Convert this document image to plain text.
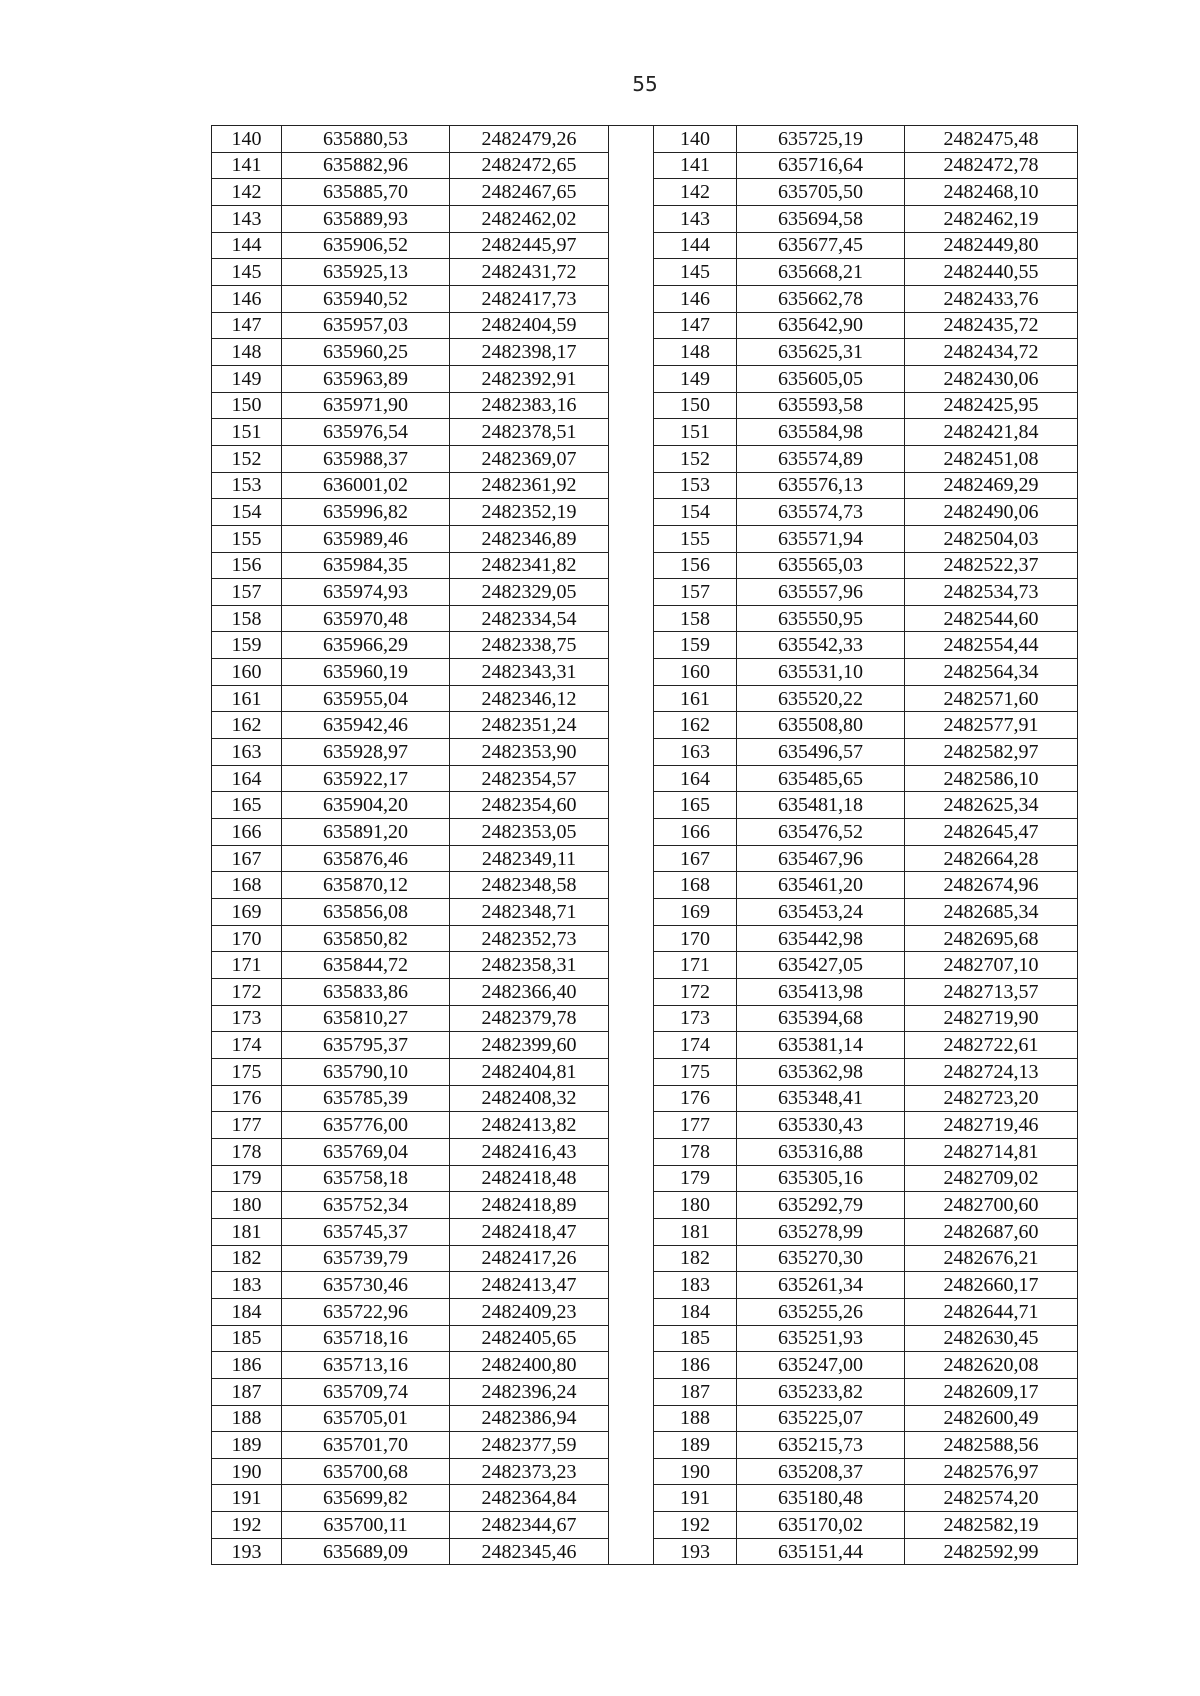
55
140	635880,53	2482479,26		140	635725,19	2482475,48
141	635882,96	2482472,65		141	635716,64	2482472,78
142	635885,70	2482467,65		142	635705,50	2482468,10
143	635889,93	2482462,02		143	635694,58	2482462,19
144	635906,52	2482445,97		144	635677,45	2482449,80
145	635925,13	2482431,72		145	635668,21	2482440,55
146	635940,52	2482417,73		146	635662,78	2482433,76
147	635957,03	2482404,59		147	635642,90	2482435,72
148	635960,25	2482398,17		148	635625,31	2482434,72
149	635963,89	2482392,91		149	635605,05	2482430,06
150	635971,90	2482383,16		150	635593,58	2482425,95
151	635976,54	2482378,51		151	635584,98	2482421,84
152	635988,37	2482369,07		152	635574,89	2482451,08
153	636001,02	2482361,92		153	635576,13	2482469,29
154	635996,82	2482352,19		154	635574,73	2482490,06
155	635989,46	2482346,89		155	635571,94	2482504,03
156	635984,35	2482341,82		156	635565,03	2482522,37
157	635974,93	2482329,05		157	635557,96	2482534,73
158	635970,48	2482334,54		158	635550,95	2482544,60
159	635966,29	2482338,75		159	635542,33	2482554,44
160	635960,19	2482343,31		160	635531,10	2482564,34
161	635955,04	2482346,12		161	635520,22	2482571,60
162	635942,46	2482351,24		162	635508,80	2482577,91
163	635928,97	2482353,90		163	635496,57	2482582,97
164	635922,17	2482354,57		164	635485,65	2482586,10
165	635904,20	2482354,60		165	635481,18	2482625,34
166	635891,20	2482353,05		166	635476,52	2482645,47
167	635876,46	2482349,11		167	635467,96	2482664,28
168	635870,12	2482348,58		168	635461,20	2482674,96
169	635856,08	2482348,71		169	635453,24	2482685,34
170	635850,82	2482352,73		170	635442,98	2482695,68
171	635844,72	2482358,31		171	635427,05	2482707,10
172	635833,86	2482366,40		172	635413,98	2482713,57
173	635810,27	2482379,78		173	635394,68	2482719,90
174	635795,37	2482399,60		174	635381,14	2482722,61
175	635790,10	2482404,81		175	635362,98	2482724,13
176	635785,39	2482408,32		176	635348,41	2482723,20
177	635776,00	2482413,82		177	635330,43	2482719,46
178	635769,04	2482416,43		178	635316,88	2482714,81
179	635758,18	2482418,48		179	635305,16	2482709,02
180	635752,34	2482418,89		180	635292,79	2482700,60
181	635745,37	2482418,47		181	635278,99	2482687,60
182	635739,79	2482417,26		182	635270,30	2482676,21
183	635730,46	2482413,47		183	635261,34	2482660,17
184	635722,96	2482409,23		184	635255,26	2482644,71
185	635718,16	2482405,65		185	635251,93	2482630,45
186	635713,16	2482400,80		186	635247,00	2482620,08
187	635709,74	2482396,24		187	635233,82	2482609,17
188	635705,01	2482386,94		188	635225,07	2482600,49
189	635701,70	2482377,59		189	635215,73	2482588,56
190	635700,68	2482373,23		190	635208,37	2482576,97
191	635699,82	2482364,84		191	635180,48	2482574,20
192	635700,11	2482344,67		192	635170,02	2482582,19
193	635689,09	2482345,46		193	635151,44	2482592,99
